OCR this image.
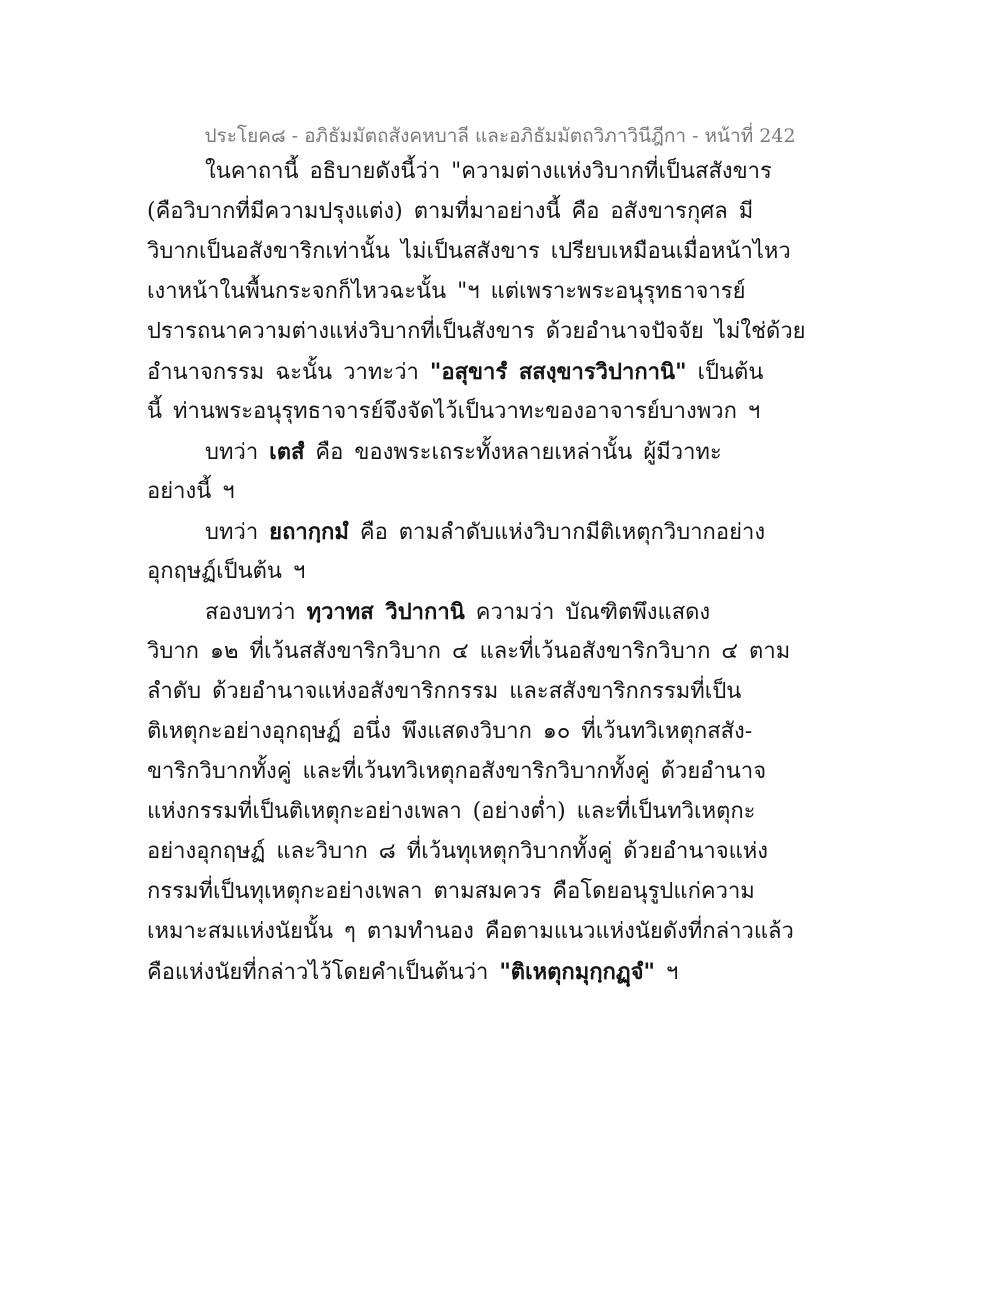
ประโยค๘ - อภิธัมมัตถสังคหบาลี และอภิธัมมัตถวิภาวินีฎีกา - หน้าที่ 242
ในคาถานี้ อธิบายดังนี้ว่า "ความต่างแห่งวิบากที่เป็นสสังขาร
(คือวิบากที่มีความปรุงแต่ง) ตามที่มาอย่างนี้ คือ อสังขารกุศล มี
วิบากเป็นอสังขาริกเท่านั้น ไม่เป็นสสังขาร เปรียบเหมือนเมื่อหน้าไหว
เงาหน้าในพื้นกระจกก็ไหวฉะนั้น "ฯ แต่เพราะพระอนุรุทธาจารย์
ปรารถนาความต่างแห่งวิบากที่เป็นสังขาร ด้วยอำนาจปัจจัย ไม่ใช่ด้วย
อำนาจกรรม ฉะนั้น วาทะว่า "อสุขารํ สสงฺขารวิปากานิ" เป็นต้น
นี้ ท่านพระอนุรุทธาจารย์จึงจัดไว้เป็นวาทะของอาจารย์บางพวก ฯ
บทว่า เตสํ คือ ของพระเถระทั้งหลายเหล่านั้น ผู้มีวาทะ
อย่างนี้ ฯ
บทว่า ยถากฺกมํ คือ ตามลำดับแห่งวิบากมีติเหตุกวิบากอย่าง
อุกฤษฏ์เป็นต้น ฯ
สองบทว่า ทฺวาทส วิปากานิ ความว่า บัณฑิตพึงแสดง
วิบาก ๑๒ ที่เว้นสสังขาริกวิบาก ๔ และที่เว้นอสังขาริกวิบาก ๔ ตาม
ลำดับ ด้วยอำนาจแห่งอสังขาริกกรรม และสสังขาริกกรรมที่เป็น
ติเหตุกะอย่างอุกฤษฏ์ อนึ่ง พึงแสดงวิบาก ๑๐ ที่เว้นทวิเหตุกสสัง-
ขาริกวิบากทั้งคู่ และที่เว้นทวิเหตุกอสังขาริกวิบากทั้งคู่ ด้วยอำนาจ
แห่งกรรมที่เป็นติเหตุกะอย่างเพลา (อย่างต่ำ) และที่เป็นทวิเหตุกะ
อย่างอุกฤษฏ์ และวิบาก ๘ ที่เว้นทุเหตุกวิบากทั้งคู่ ด้วยอำนาจแห่ง
กรรมที่เป็นทุเหตุกะอย่างเพลา ตามสมควร คือโดยอนุรูปแก่ความ
เหมาะสมแห่งนัยนั้น ๆ ตามทำนอง คือตามแนวแห่งนัยดังที่กล่าวแล้ว
คือแห่งนัยที่กล่าวไว้โดยคำเป็นต้นว่า "ติเหตุกมุกฺกฏฺจํ" ฯ
